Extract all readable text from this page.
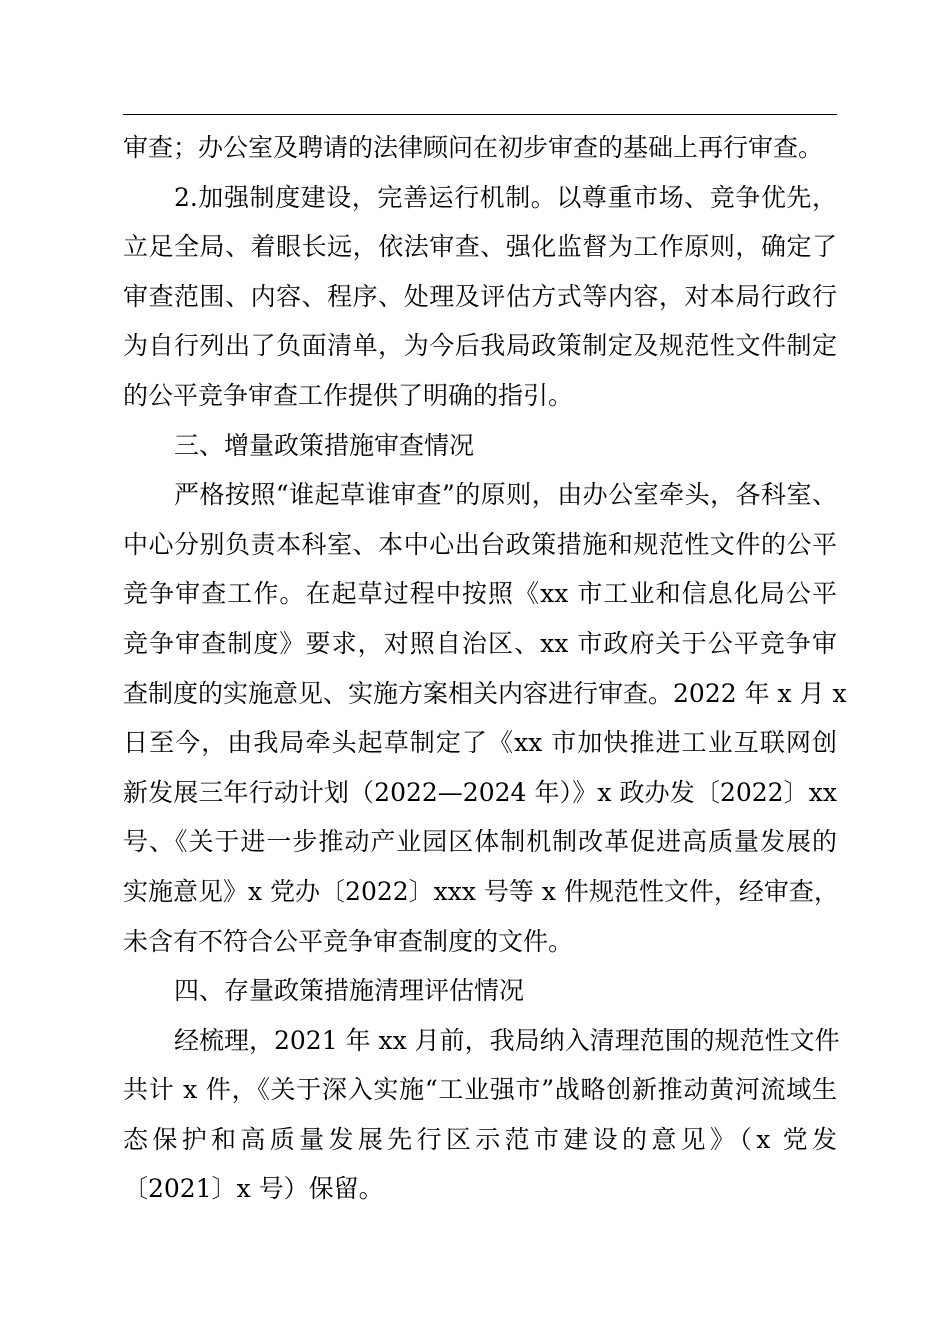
审查；办公室及聘请的法律顾问在初步审查的基础上再行审查。
2.加强制度建设，完善运行机制。以尊重市场、竞争优先，
立足全局、着眼长远，依法审查、强化监督为工作原则，确定了
审查范围、内容、程序、处理及评估方式等内容，对本局行政行
为自行列出了负面清单，为今后我局政策制定及规范性文件制定
的公平竞争审查工作提供了明确的指引。
三、增量政策措施审查情况
严格按照“谁起草谁审查”的原则，由办公室牵头，各科室、
中心分别负责本科室、本中心出台政策措施和规范性文件的公平
竞争审查工作。在起草过程中按照《xx 市工业和信息化局公平
竞争审查制度》要求，对照自治区、xx 市政府关于公平竞争审
查制度的实施意见、实施方案相关内容进行审查。2022 年 x 月 x
日至今，由我局牵头起草制定了《xx 市加快推进工业互联网创
新发展三年行动计划（2022—2024 年）》x 政办发〔2022〕xx
号、《关于进一步推动产业园区体制机制改革促进高质量发展的
实施意见》x 党办〔2022〕xxx 号等 x 件规范性文件，经审查，
未含有不符合公平竞争审查制度的文件。
四、存量政策措施清理评估情况
经梳理，2021 年 xx 月前，我局纳入清理范围的规范性文件
共计 x 件，《关于深入实施“工业强市”战略创新推动黄河流域生
态保护和高质量发展先行区示范市建设的意见》（x 党发
〔2021〕x 号）保留。
